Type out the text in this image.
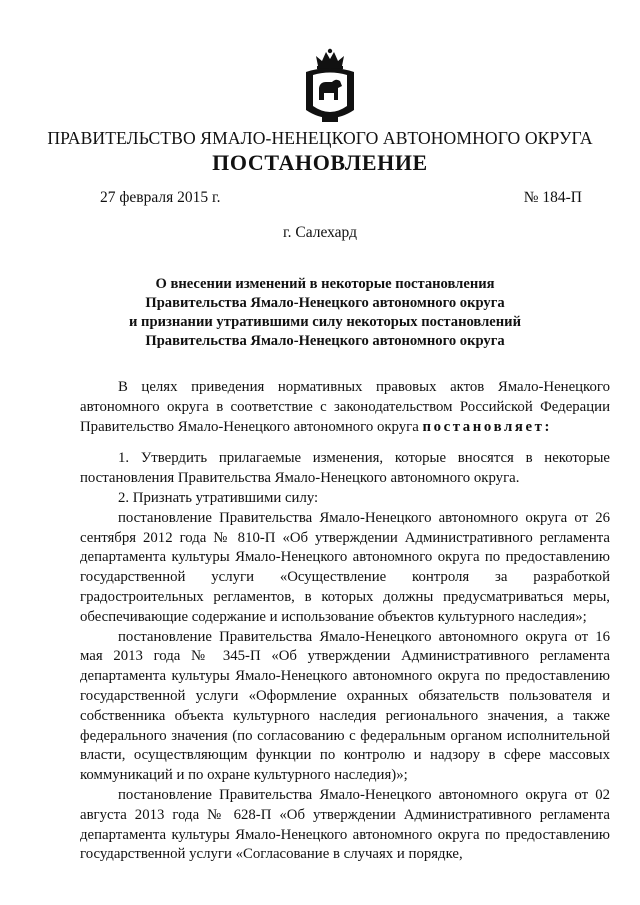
ПРАВИТЕЛЬСТВО ЯМАЛО-НЕНЕЦКОГО АВТОНОМНОГО ОКРУГА
ПОСТАНОВЛЕНИЕ
27 февраля 2015 г.	№ 184-П
г. Салехард
О внесении изменений в некоторые постановления
Правительства Ямало-Ненецкого автономного округа
и признании утратившими силу некоторых постановлений
Правительства Ямало-Ненецкого автономного округа

В целях приведения нормативных правовых актов Ямало-Ненецкого автономного округа в соответствие с законодательством Российской Федерации Правительство Ямало-Ненецкого автономного округа постановляет:

1. Утвердить прилагаемые изменения, которые вносятся в некоторые постановления Правительства Ямало-Ненецкого автономного округа.

2. Признать утратившими силу:

постановление Правительства Ямало-Ненецкого автономного округа от 26 сентября 2012 года № 810-П «Об утверждении Административного регламента департамента культуры Ямало-Ненецкого автономного округа по предоставлению государственной услуги «Осуществление контроля за разработкой градостроительных регламентов, в которых должны предусматриваться меры, обеспечивающие содержание и использование объектов культурного наследия»;

постановление Правительства Ямало-Ненецкого автономного округа от 16 мая 2013 года № 345-П «Об утверждении Административного регламента департамента культуры Ямало-Ненецкого автономного округа по предоставлению государственной услуги «Оформление охранных обязательств пользователя и собственника объекта культурного наследия регионального значения, а также федерального значения (по согласованию с федеральным органом исполнительной власти, осуществляющим функции по контролю и надзору в сфере массовых коммуникаций и по охране культурного наследия)»;

постановление Правительства Ямало-Ненецкого автономного округа от 02 августа 2013 года № 628-П «Об утверждении Административного регламента департамента культуры Ямало-Ненецкого автономного округа по предоставлению государственной услуги «Согласование в случаях и порядке,
